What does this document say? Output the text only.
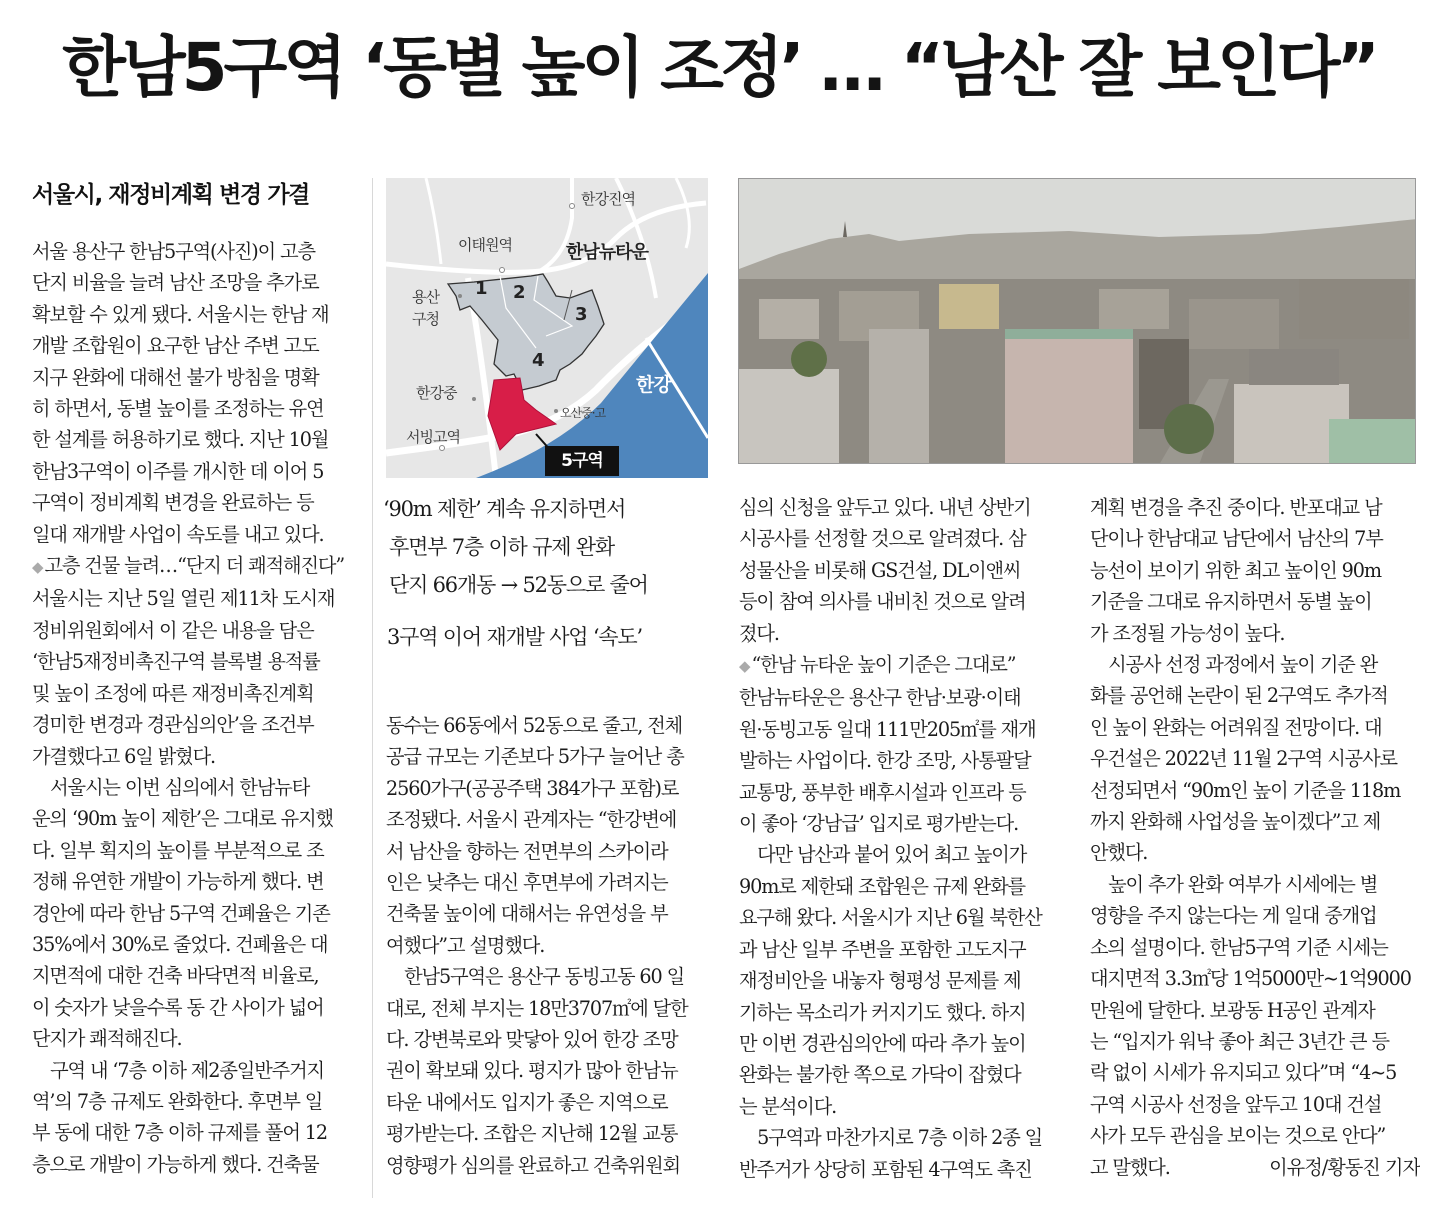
한남5구역 ‘동별 높이 조정’ … “남산 잘 보인다”
서울시, 재정비계획 변경 가결

서울 용산구 한남5구역(사진)이 고층

단지 비율을 늘려 남산 조망을 추가로

확보할 수 있게 됐다. 서울시는 한남 재

개발 조합원이 요구한 남산 주변 고도

지구 완화에 대해선 불가 방침을 명확

히 하면서, 동별 높이를 조정하는 유연

한 설계를 허용하기로 했다. 지난 10월

한남3구역이 이주를 개시한 데 이어 5

구역이 정비계획 변경을 완료하는 등

일대 재개발 사업이 속도를 내고 있다.

◆ 고층 건물 늘려…“단지 더 쾌적해진다”

서울시는 지난 5일 열린 제11차 도시재

정비위원회에서 이 같은 내용을 담은

‘한남5재정비촉진구역 블록별 용적률

및 높이 조정에 따른 재정비촉진계획

경미한 변경과 경관심의안’을 조건부

가결했다고 6일 밝혔다.

　서울시는 이번 심의에서 한남뉴타

운의 ‘90m 높이 제한’은 그대로 유지했

다. 일부 획지의 높이를 부분적으로 조

정해 유연한 개발이 가능하게 했다. 변

경안에 따라 한남 5구역 건폐율은 기존

35%에서 30%로 줄었다. 건폐율은 대

지면적에 대한 건축 바닥면적 비율로,

이 숫자가 낮을수록 동 간 사이가 넓어

단지가 쾌적해진다.

　구역 내 ‘7층 이하 제2종일반주거지

역’의 7층 규제도 완화한다. 후면부 일

부 동에 대한 7층 이하 규제를 풀어 12

층으로 개발이 가능하게 했다. 건축물

한강진역
이태원역	한남뉴타운
용산
구청
1 2
3
4
한강중	한강
오산중·고
서빙고역
5구역

‘90m 제한’ 계속 유지하면서

후면부 7층 이하 규제 완화

단지 66개동 → 52동으로 줄어

3구역 이어 재개발 사업 ‘속도’

동수는 66동에서 52동으로 줄고, 전체

공급 규모는 기존보다 5가구 늘어난 총

2560가구(공공주택 384가구 포함)로

조정됐다. 서울시 관계자는 “한강변에

서 남산을 향하는 전면부의 스카이라

인은 낮추는 대신 후면부에 가려지는

건축물 높이에 대해서는 유연성을 부

여했다”고 설명했다.

　한남5구역은 용산구 동빙고동 60 일

대로, 전체 부지는 18만3707㎡에 달한

다. 강변북로와 맞닿아 있어 한강 조망

권이 확보돼 있다. 평지가 많아 한남뉴

타운 내에서도 입지가 좋은 지역으로

평가받는다. 조합은 지난해 12월 교통

영향평가 심의를 완료하고 건축위원회

심의 신청을 앞두고 있다. 내년 상반기

시공사를 선정할 것으로 알려졌다. 삼

성물산을 비롯해 GS건설, DL이앤씨

등이 참여 의사를 내비친 것으로 알려

졌다.

◆ “한남 뉴타운 높이 기준은 그대로”

한남뉴타운은 용산구 한남·보광·이태

원·동빙고동 일대 111만205㎡를 재개

발하는 사업이다. 한강 조망, 사통팔달

교통망, 풍부한 배후시설과 인프라 등

이 좋아 ‘강남급’ 입지로 평가받는다.

　다만 남산과 붙어 있어 최고 높이가

90m로 제한돼 조합원은 규제 완화를

요구해 왔다. 서울시가 지난 6월 북한산

과 남산 일부 주변을 포함한 고도지구

재정비안을 내놓자 형평성 문제를 제

기하는 목소리가 커지기도 했다. 하지

만 이번 경관심의안에 따라 추가 높이

완화는 불가한 쪽으로 가닥이 잡혔다

는 분석이다.

　5구역과 마찬가지로 7층 이하 2종 일

반주거가 상당히 포함된 4구역도 촉진

계획 변경을 추진 중이다. 반포대교 남

단이나 한남대교 남단에서 남산의 7부

능선이 보이기 위한 최고 높이인 90m

기준을 그대로 유지하면서 동별 높이

가 조정될 가능성이 높다.

　시공사 선정 과정에서 높이 기준 완

화를 공언해 논란이 된 2구역도 추가적

인 높이 완화는 어려워질 전망이다. 대

우건설은 2022년 11월 2구역 시공사로

선정되면서 “90m인 높이 기준을 118m

까지 완화해 사업성을 높이겠다”고 제

안했다.

　높이 추가 완화 여부가 시세에는 별

영향을 주지 않는다는 게 일대 중개업

소의 설명이다. 한남5구역 기준 시세는

대지면적 3.3㎡당 1억5000만~1억9000

만원에 달한다. 보광동 H공인 관계자

는 “입지가 워낙 좋아 최근 3년간 큰 등

락 없이 시세가 유지되고 있다”며 “4~5

구역 시공사 선정을 앞두고 10대 건설

사가 모두 관심을 보이는 것으로 안다”

이유정/황동진 기자
고 말했다.
